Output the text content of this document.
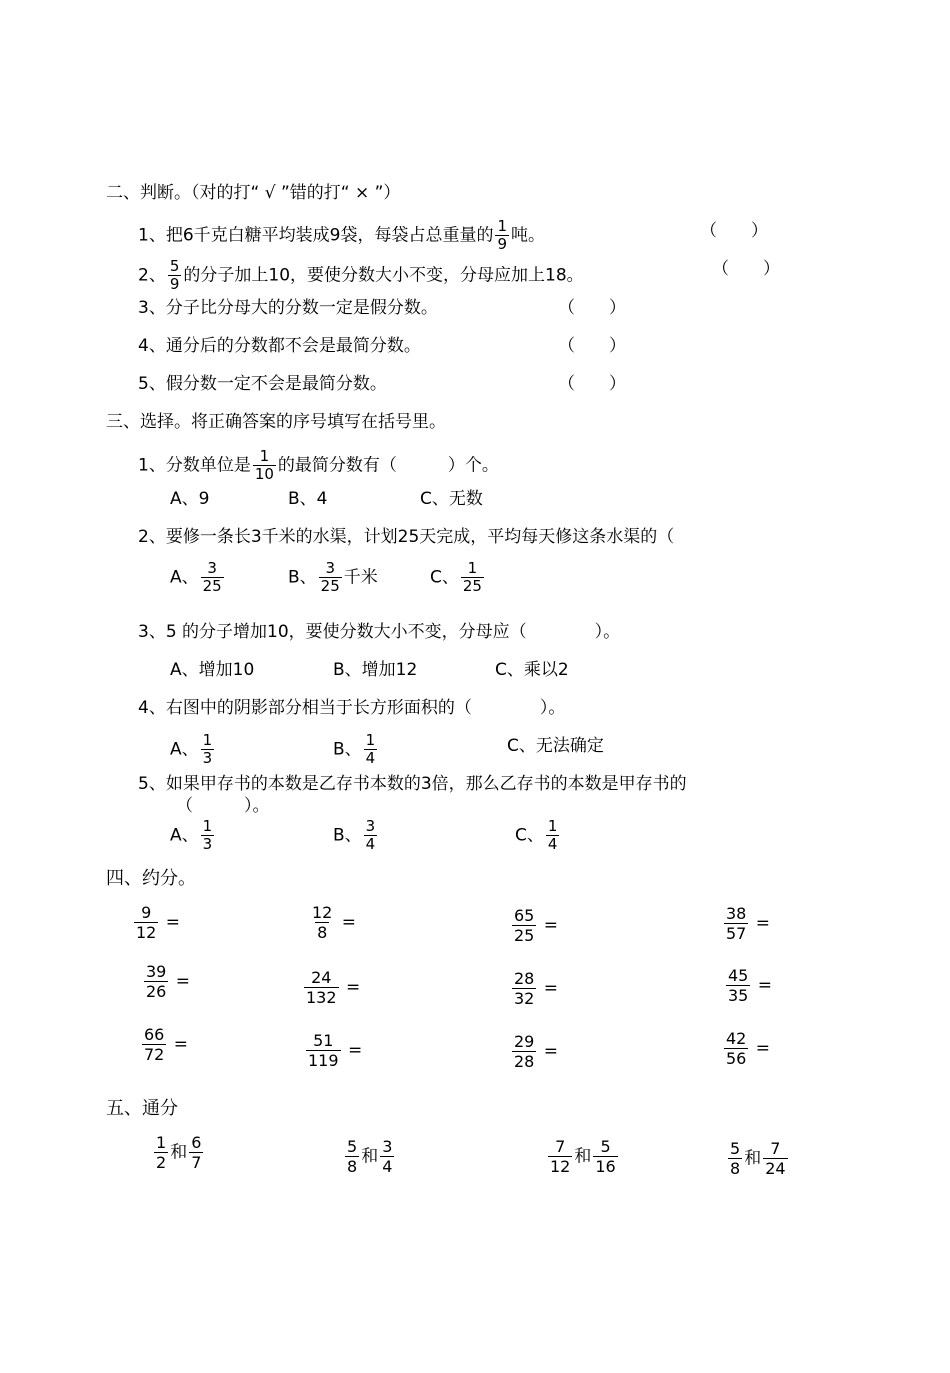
二、判断。（对的打“ √ ”错的打“ × ”）
1、把6千克白糖平均装成9袋，每袋占总重量的 $\frac{1}{9}$ 吨。	（　　）
2、 $\frac{5}{9}$ 的分子加上10，要使分数大小不变，分母应加上18。	（　　）
3、分子比分母大的分数一定是假分数。	（　　）
4、通分后的分数都不会是最简分数。	（　　）
5、假分数一定不会是最简分数。	（　　）
三、选择。将正确答案的序号填写在括号里。
1、分数单位是 $\frac{1}{10}$ 的最简分数有（　　　）个。
A、9	B、4	C、无数
2、要修一条长3千米的水渠，计划25天完成，平均每天修这条水渠的（
A、 $\frac{3}{25}$	B、 $\frac{3}{25}$ 千米	C、 $\frac{1}{25}$
3、5 的分子增加10，要使分数大小不变，分母应（　　　　）。
A、增加10	B、增加12	C、乘以2
4、右图中的阴影部分相当于长方形面积的（　　　　）。
A、 $\frac{1}{3}$	B、 $\frac{1}{4}$	C、无法确定
5、如果甲存书的本数是乙存书本数的3倍，那么乙存书的本数是甲存书的
（　　　）。
A、 $\frac{1}{3}$	B、 $\frac{3}{4}$	C、 $\frac{1}{4}$
四、约分。
$\frac{9}{12}$ =	$\frac{12}{8}$ =	$\frac{65}{25}$ =	$\frac{38}{57}$ =
$\frac{39}{26}$ =	$\frac{24}{132}$ =	$\frac{28}{32}$ =	$\frac{45}{35}$ =
$\frac{66}{72}$ =	$\frac{51}{119}$ =	$\frac{29}{28}$ =	$\frac{42}{56}$ =
五、通分
$\frac{1}{2}$ 和 $\frac{6}{7}$	$\frac{5}{8}$ 和 $\frac{3}{4}$	$\frac{7}{12}$ 和 $\frac{5}{16}$	$\frac{5}{8}$ 和 $\frac{7}{24}$
